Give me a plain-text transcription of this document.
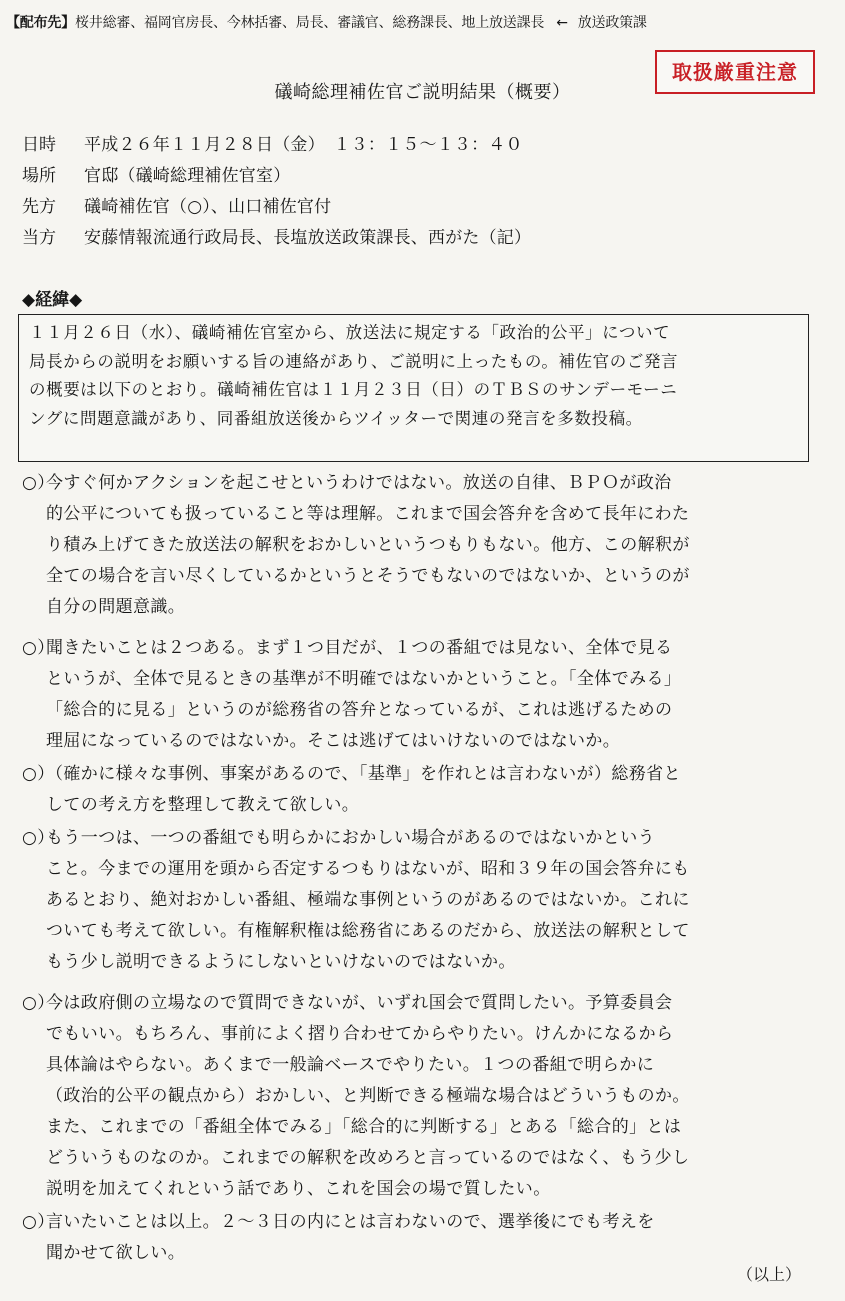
【配布先】桜井総審、福岡官房長、今林括審、局長、審議官、総務課長、地上放送課長 ← 放送政策課
取扱厳重注意
礒崎総理補佐官ご説明結果（概要）
日時	平成２６年１１月２８日（金）　１３：１５〜１３：４０
場所	官邸（礒崎総理補佐官室）
先方	礒崎補佐官（○）、山口補佐官付
当方	安藤情報流通行政局長、長塩放送政策課長、西がた（記）
◆経緯◆

１１月２６日（水）、礒崎補佐官室から、放送法に規定する「政治的公平」について

局長からの説明をお願いする旨の連絡があり、ご説明に上ったもの。補佐官のご発言

の概要は以下のとおり。礒崎補佐官は１１月２３日（日）のＴＢＳのサンデーモーニ

ングに問題意識があり、同番組放送後からツイッターで関連の発言を多数投稿。

○）今すぐ何かアクションを起こせというわけではない。放送の自律、ＢＰＯが政治
的公平についても扱っていること等は理解。これまで国会答弁を含めて長年にわた
り積み上げてきた放送法の解釈をおかしいというつもりもない。他方、この解釈が
全ての場合を言い尽くしているかというとそうでもないのではないか、というのが
自分の問題意識。
○）聞きたいことは２つある。まず１つ目だが、１つの番組では見ない、全体で見る
というが、全体で見るときの基準が不明確ではないかということ。「全体でみる」
「総合的に見る」というのが総務省の答弁となっているが、これは逃げるための
理屈になっているのではないか。そこは逃げてはいけないのではないか。
○）（確かに様々な事例、事案があるので、「基準」を作れとは言わないが）総務省と
しての考え方を整理して教えて欲しい。
○）もう一つは、一つの番組でも明らかにおかしい場合があるのではないかという
こと。今までの運用を頭から否定するつもりはないが、昭和３９年の国会答弁にも
あるとおり、絶対おかしい番組、極端な事例というのがあるのではないか。これに
ついても考えて欲しい。有権解釈権は総務省にあるのだから、放送法の解釈として
もう少し説明できるようにしないといけないのではないか。
○）今は政府側の立場なので質問できないが、いずれ国会で質問したい。予算委員会
でもいい。もちろん、事前によく摺り合わせてからやりたい。けんかになるから
具体論はやらない。あくまで一般論ベースでやりたい。１つの番組で明らかに
（政治的公平の観点から）おかしい、と判断できる極端な場合はどういうものか。
また、これまでの「番組全体でみる」「総合的に判断する」とある「総合的」とは
どういうものなのか。これまでの解釈を改めろと言っているのではなく、もう少し
説明を加えてくれという話であり、これを国会の場で質したい。
○）言いたいことは以上。２〜３日の内にとは言わないので、選挙後にでも考えを
聞かせて欲しい。
（以上）
